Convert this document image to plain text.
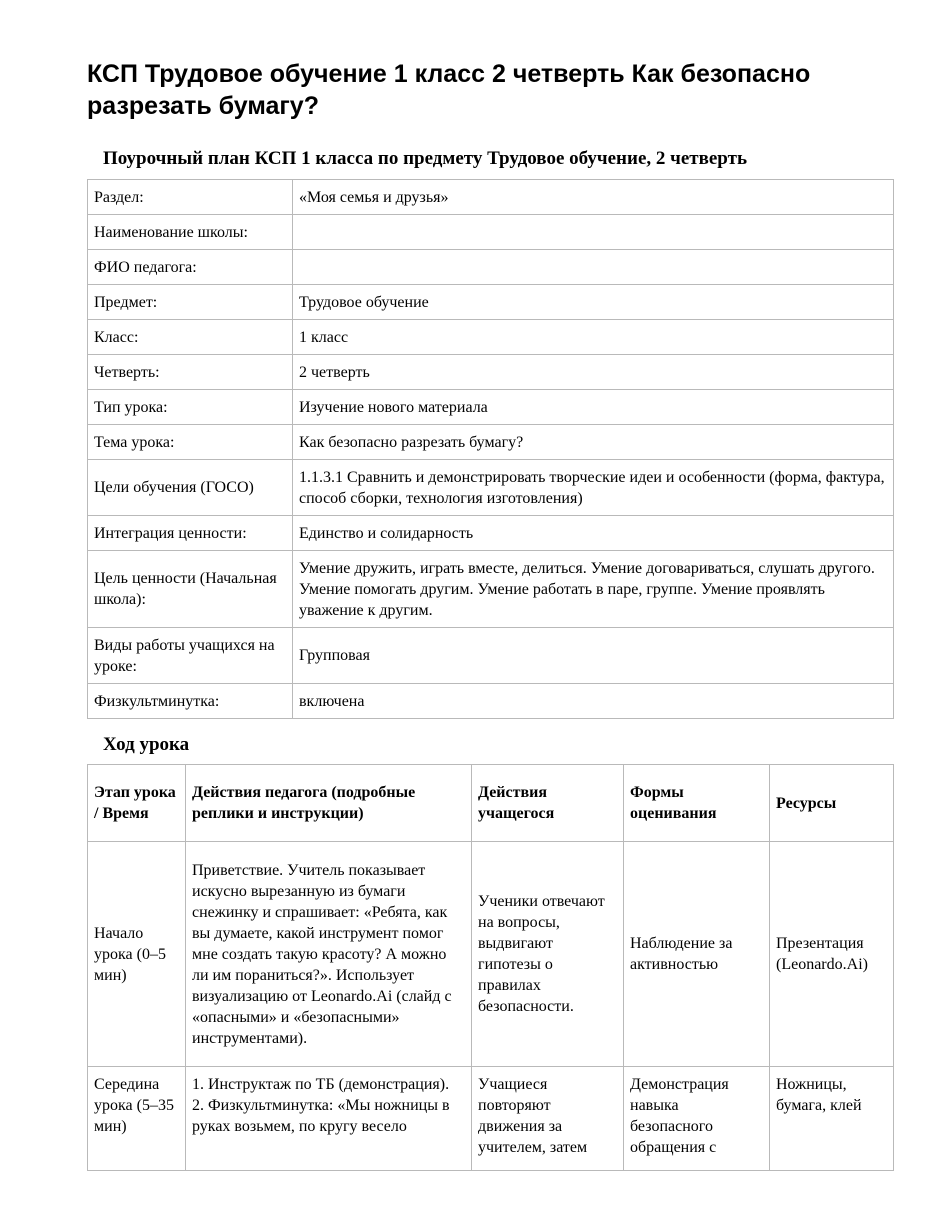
КСП Трудовое обучение 1 класс 2 четверть Как безопасно разрезать бумагу?
Поурочный план КСП 1 класса по предмету Трудовое обучение, 2 четверть
Раздел:	«Моя семья и друзья»
Наименование школы:	
ФИО педагога:	
Предмет:	Трудовое обучение
Класс:	1 класс
Четверть:	2 четверть
Тип урока:	Изучение нового материала
Тема урока:	Как безопасно разрезать бумагу?
Цели обучения (ГОСО)	1.1.3.1 Сравнить и демонстрировать творческие идеи и особенности (форма, фактура, способ сборки, технология изготовления)
Интеграция ценности:	Единство и солидарность
Цель ценности (Начальная школа):	Умение дружить, играть вместе, делиться. Умение договариваться, слушать другого. Умение помогать другим. Умение работать в паре, группе. Умение проявлять уважение к другим.
Виды работы учащихся на уроке:	Групповая
Физкультминутка:	включена
Ход урока
Этап урока / Время	Действия педагога (подробные реплики и инструкции)	Действия учащегося	Формы оценивания	Ресурсы
Начало урока (0–5 мин)	Приветствие. Учитель показывает искусно вырезанную из бумаги снежинку и спрашивает: «Ребята, как вы думаете, какой инструмент помог мне создать такую красоту? А можно ли им пораниться?». Использует визуализацию от Leonardo.Ai (слайд с «опасными» и «безопасными» инструментами).	Ученики отвечают на вопросы, выдвигают гипотезы о правилах безопасности.	Наблюдение за активностью	Презентация (Leonardo.Ai)
Середина урока (5–35 мин)	1. Инструктаж по ТБ (демонстрация). 2. Физкультминутка: «Мы ножницы в руках возьмем, по кругу весело	Учащиеся повторяют движения за учителем, затем	Демонстрация навыка безопасного обращения с	Ножницы, бумага, клей
